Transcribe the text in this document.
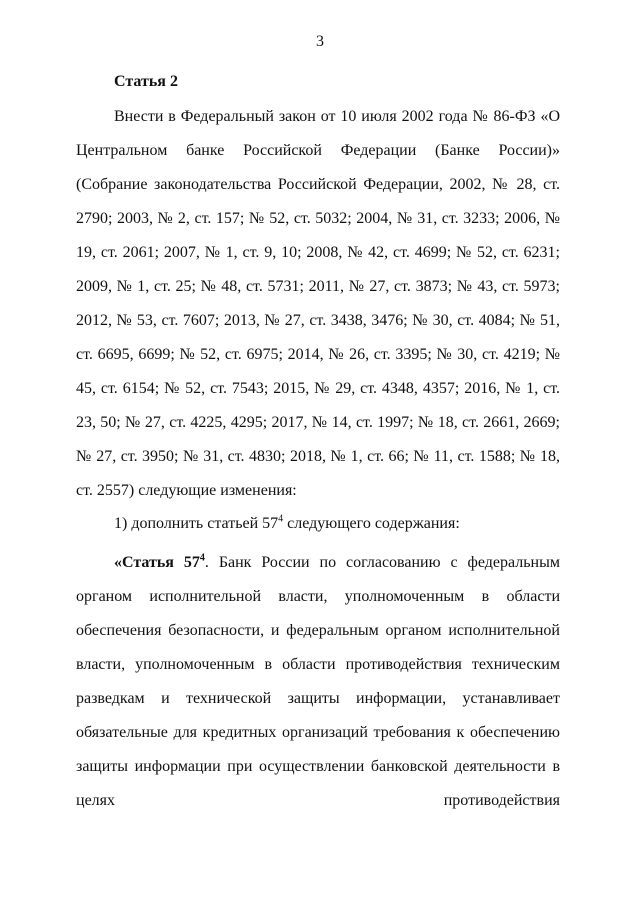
3
Статья 2
Внести в Федеральный закон от 10 июля 2002 года № 86-ФЗ «О Центральном банке Российской Федерации (Банке России)» (Собрание законодательства Российской Федерации, 2002, № 28, ст. 2790; 2003, № 2, ст. 157; № 52, ст. 5032; 2004, № 31, ст. 3233; 2006, № 19, ст. 2061; 2007, № 1, ст. 9, 10; 2008, № 42, ст. 4699; № 52, ст. 6231; 2009, № 1, ст. 25; № 48, ст. 5731; 2011, № 27, ст. 3873; № 43, ст. 5973; 2012, № 53, ст. 7607; 2013, № 27, ст. 3438, 3476; № 30, ст. 4084; № 51, ст. 6695, 6699; № 52, ст. 6975; 2014, № 26, ст. 3395; № 30, ст. 4219; № 45, ст. 6154; № 52, ст. 7543; 2015, № 29, ст. 4348, 4357; 2016, № 1, ст. 23, 50; № 27, ст. 4225, 4295; 2017, № 14, ст. 1997; № 18, ст. 2661, 2669; № 27, ст. 3950; № 31, ст. 4830; 2018, № 1, ст. 66; № 11, ст. 1588; № 18, ст. 2557) следующие изменения:
1) дополнить статьей $57^4$ следующего содержания:
«Статья $57^4$. Банк России по согласованию с федеральным органом исполнительной власти, уполномоченным в области обеспечения безопасности, и федеральным органом исполнительной власти, уполномоченным в области противодействия техническим разведкам и технической защиты информации, устанавливает обязательные для кредитных организаций требования к обеспечению защиты информации при осуществлении банковской деятельности в целях противодействия
